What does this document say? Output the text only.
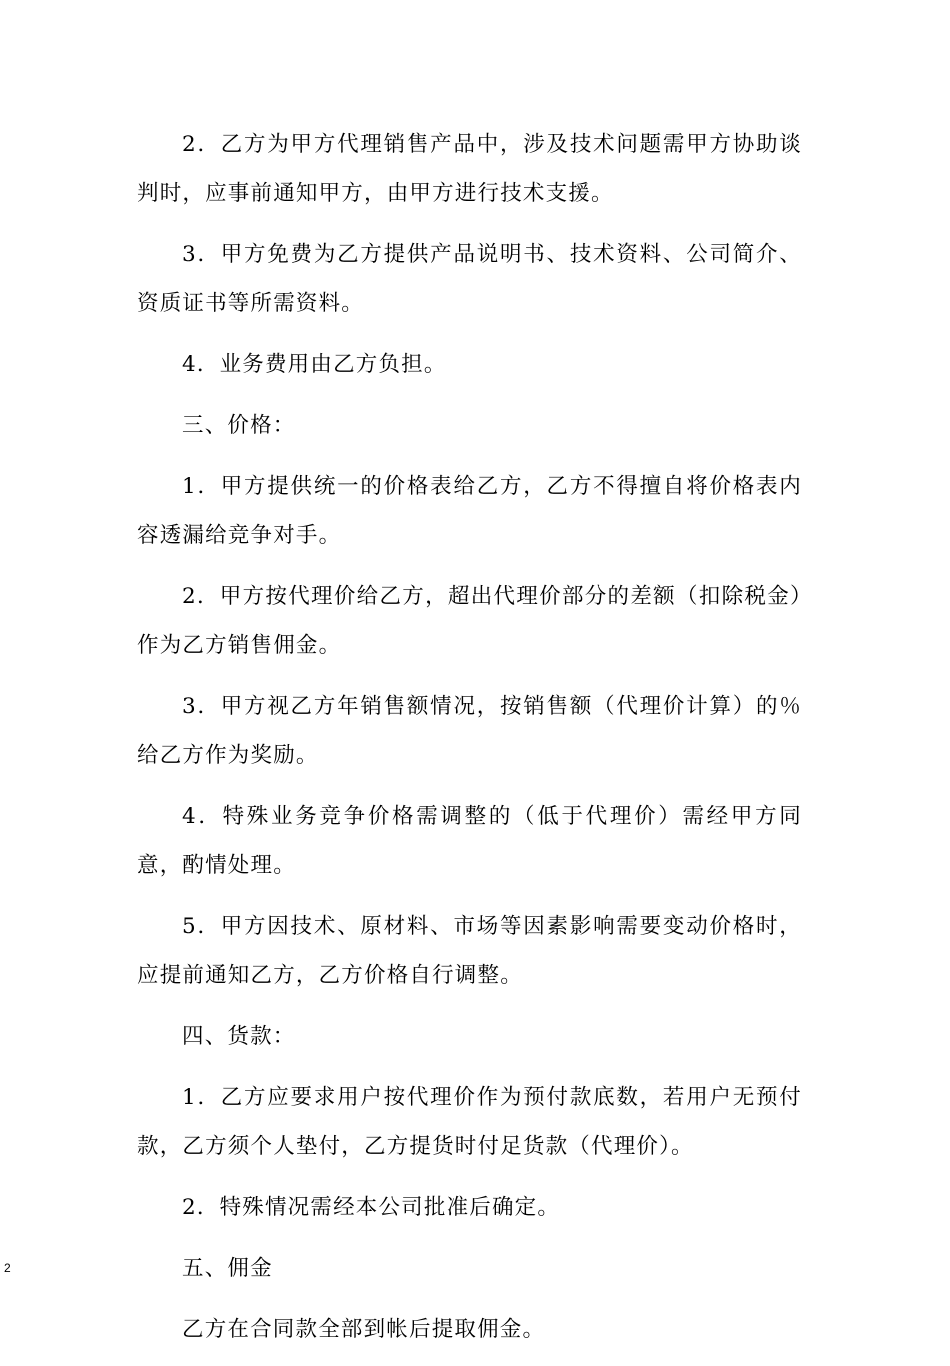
2．乙方为甲方代理销售产品中，涉及技术问题需甲方协助谈判时，应事前通知甲方，由甲方进行技术支援。

3．甲方免费为乙方提供产品说明书、技术资料、公司简介、资质证书等所需资料。

4．业务费用由乙方负担。

三、价格：

1．甲方提供统一的价格表给乙方，乙方不得擅自将价格表内容透漏给竞争对手。

2．甲方按代理价给乙方，超出代理价部分的差额（扣除税金）作为乙方销售佣金。

3．甲方视乙方年销售额情况，按销售额（代理价计算）的％给乙方作为奖励。

4．特殊业务竞争价格需调整的（低于代理价）需经甲方同意，酌情处理。

5．甲方因技术、原材料、市场等因素影响需要变动价格时，应提前通知乙方，乙方价格自行调整。

四、货款：

1．乙方应要求用户按代理价作为预付款底数，若用户无预付款，乙方须个人垫付，乙方提货时付足货款（代理价）。

2．特殊情况需经本公司批准后确定。

五、佣金

乙方在合同款全部到帐后提取佣金。

2
